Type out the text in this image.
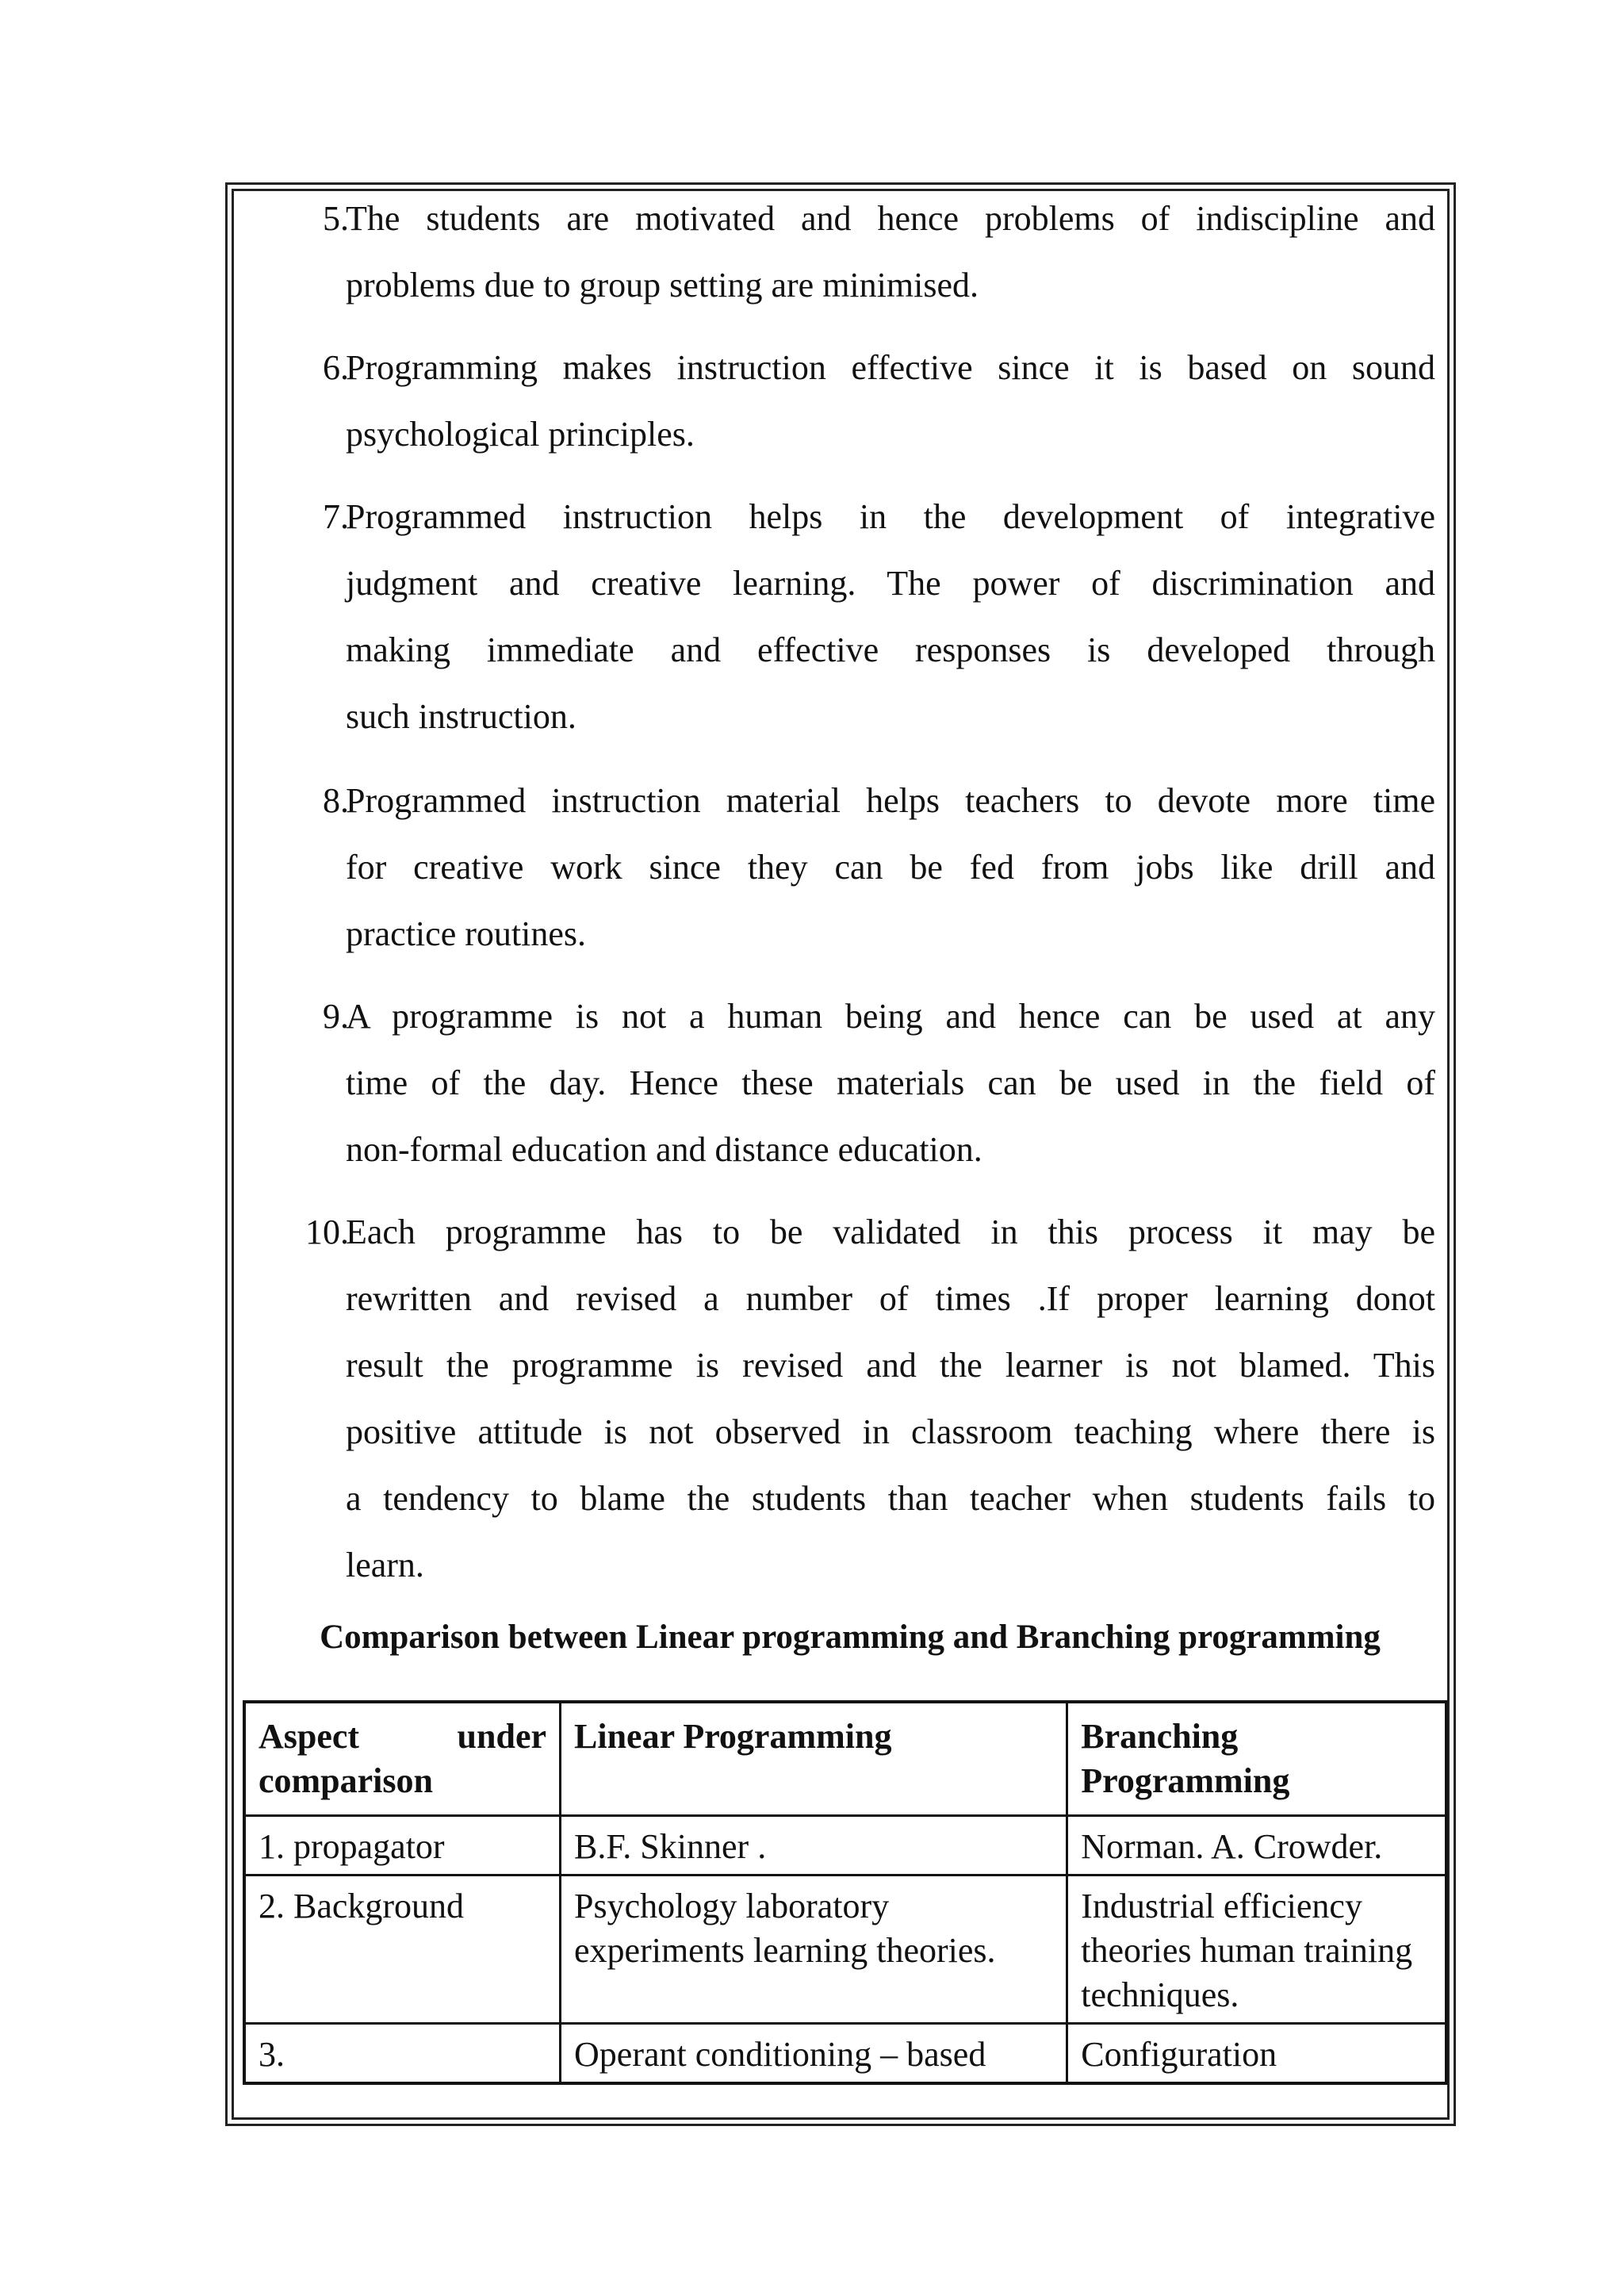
5.
The students are motivated and hence problems of indiscipline and
problems due to group setting are minimised.
6.
Programming makes instruction effective since it is based on sound
psychological principles.
7.
Programmed instruction helps in the development of integrative
judgment and creative learning. The power of discrimination and
making immediate and effective responses is developed through
such instruction.
8.
Programmed instruction material helps teachers to devote more time
for creative work since they can be fed from jobs like drill and
practice routines.
9.
A programme is not a human being and hence can be used at any
time of the day. Hence these materials can be used in the field of
non-formal education and distance education.
10.
Each programme has to be validated in this process it may be
rewritten and revised a number of times .If proper learning donot
result the programme is revised and the learner is not blamed. This
positive attitude is not observed in classroom teaching where there is
a tendency to blame the students than teacher when students fails to
learn.
Comparison between Linear programming and Branching programming
Aspect under
comparison	Linear Programming	Branching Programming
1. propagator	B.F. Skinner .	Norman. A. Crowder.
2. Background	Psychology laboratory experiments learning theories.	Industrial efficiency theories human training techniques.
3.	Operant conditioning – based	Configuration
